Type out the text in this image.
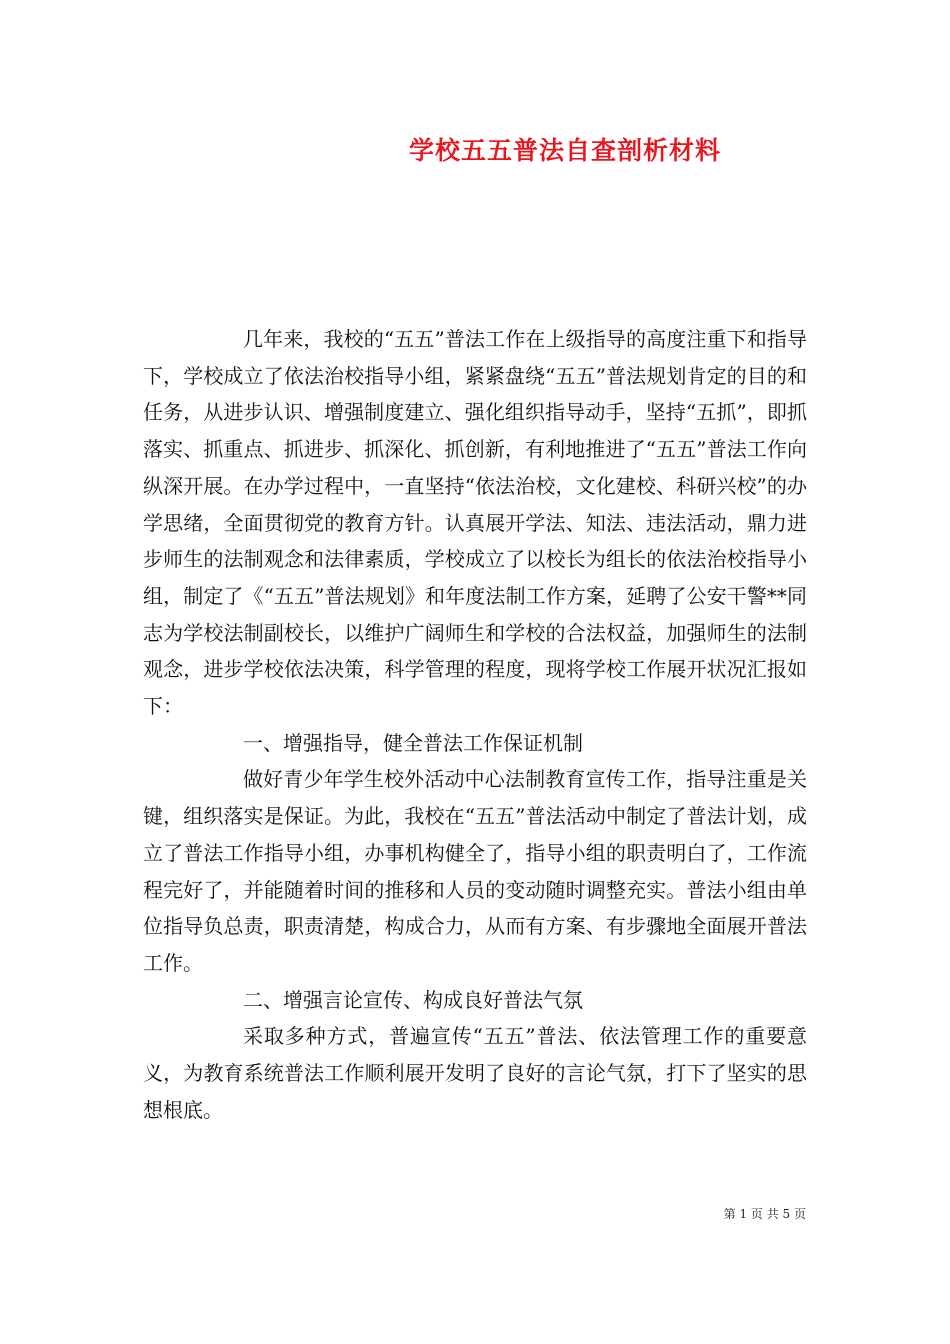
学校五五普法自查剖析材料

几年来，我校的“五五”普法工作在上级指导的高度注重下和指导下，学校成立了依法治校指导小组，紧紧盘绕“五五”普法规划肯定的目的和任务，从进步认识、增强制度建立、强化组织指导动手，坚持“五抓”，即抓落实、抓重点、抓进步、抓深化、抓创新，有利地推进了“五五”普法工作向纵深开展。在办学过程中，一直坚持“依法治校，文化建校、科研兴校”的办学思绪，全面贯彻党的教育方针。认真展开学法、知法、违法活动，鼎力进步师生的法制观念和法律素质，学校成立了以校长为组长的依法治校指导小组，制定了《“五五”普法规划》和年度法制工作方案，延聘了公安干警**同志为学校法制副校长，以维护广阔师生和学校的合法权益，加强师生的法制观念，进步学校依法决策，科学管理的程度，现将学校工作展开状况汇报如下：

一、增强指导，健全普法工作保证机制

做好青少年学生校外活动中心法制教育宣传工作，指导注重是关键，组织落实是保证。为此，我校在“五五”普法活动中制定了普法计划，成立了普法工作指导小组，办事机构健全了，指导小组的职责明白了，工作流程完好了，并能随着时间的推移和人员的变动随时调整充实。普法小组由单位指导负总责，职责清楚，构成合力，从而有方案、有步骤地全面展开普法工作。

二、增强言论宣传、构成良好普法气氛

采取多种方式，普遍宣传“五五”普法、依法管理工作的重要意义，为教育系统普法工作顺利展开发明了良好的言论气氛，打下了坚实的思想根底。

第 1 页 共 5 页
